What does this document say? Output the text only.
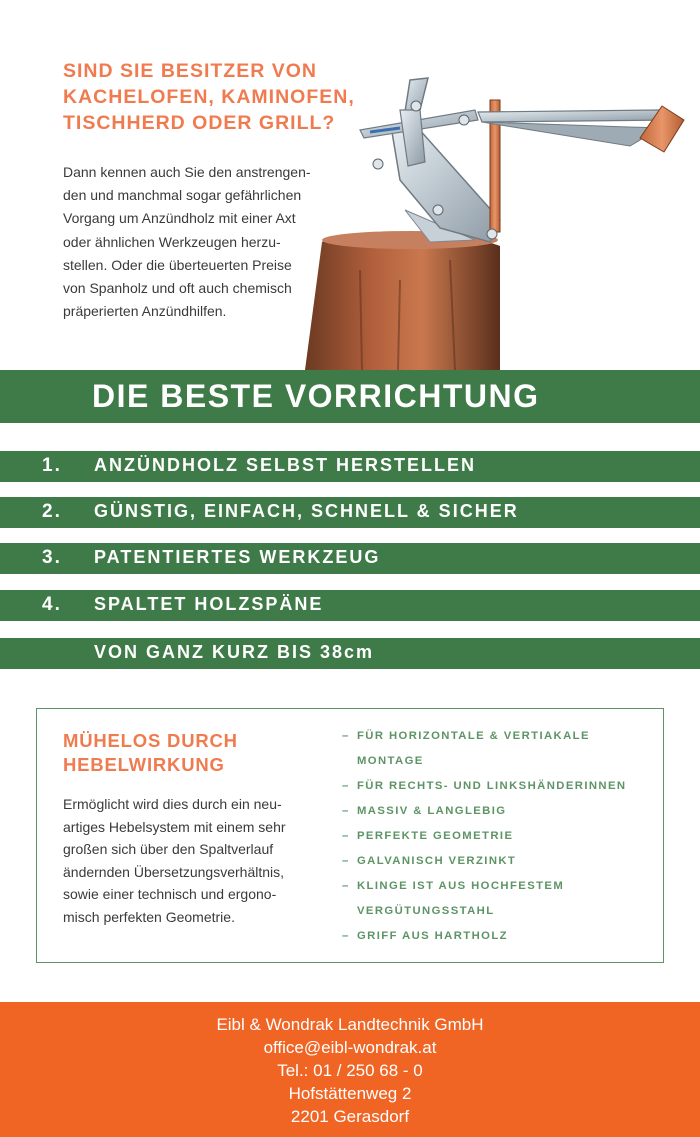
SIND SIE BESITZER VON
KACHELOFEN, KAMINOFEN,
TISCHHERD ODER GRILL?

Dann kennen auch Sie den anstrengen-
den und manchmal sogar gefährlichen
Vorgang um Anzündholz mit einer Axt
oder ähnlichen Werkzeugen herzu-
stellen. Oder die überteuerten Preise
von Spanholz und oft auch chemisch
präperierten Anzündhilfen.

DIE BESTE VORRICHTUNG
1. ANZÜNDHOLZ SELBST HERSTELLEN
2. GÜNSTIG, EINFACH, SCHNELL & SICHER
3. PATENTIERTES WERKZEUG
4. SPALTET HOLZSPÄNE
VON GANZ KURZ BIS 38cm
MÜHELOS DURCH
HEBELWIRKUNG

Ermöglicht wird dies durch ein neu-
artiges Hebelsystem mit einem sehr
großen sich über den Spaltverlauf
ändernden Übersetzungsverhältnis,
sowie einer technisch und ergono-
misch perfekten Geometrie.

– FÜR HORIZONTALE & VERTIAKALE
MONTAGE
– FÜR RECHTS- UND LINKSHÄNDERINNEN
– MASSIV & LANGLEBIG
– PERFEKTE GEOMETRIE
– GALVANISCH VERZINKT
– KLINGE IST AUS HOCHFESTEM
VERGÜTUNGSSTAHL
– GRIFF AUS HARTHOLZ
Eibl & Wondrak Landtechnik GmbH
office@eibl-wondrak.at
Tel.: 01 / 250 68 - 0
Hofstättenweg 2
2201 Gerasdorf
